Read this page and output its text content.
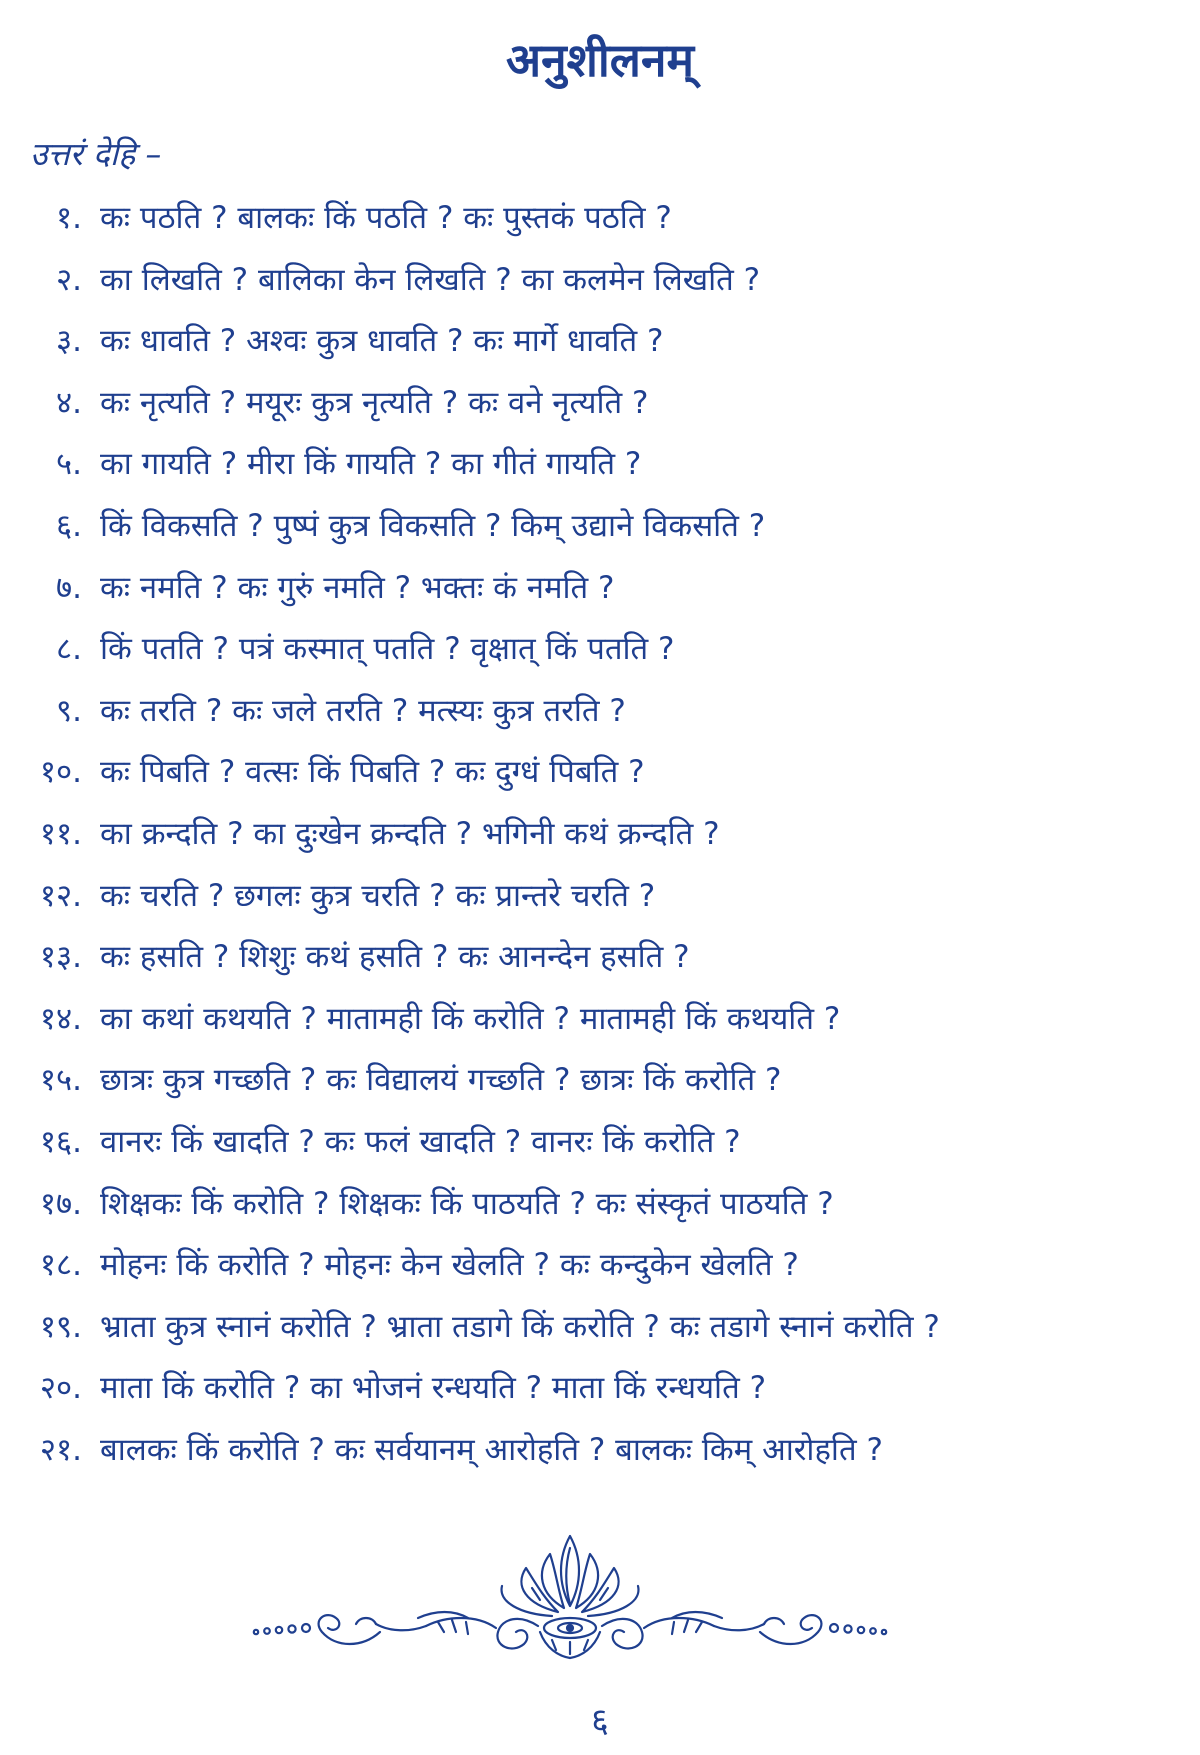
अनुशीलनम्
उत्तरं देहि –
१. कः पठति ? बालकः किं पठति ? कः पुस्तकं पठति ?
२. का लिखति ? बालिका केन लिखति ? का कलमेन लिखति ?
३. कः धावति ? अश्वः कुत्र धावति ? कः मार्गे धावति ?
४. कः नृत्यति ? मयूरः कुत्र नृत्यति ? कः वने नृत्यति ?
५. का गायति ? मीरा किं गायति ? का गीतं गायति ?
६. किं विकसति ? पुष्पं कुत्र विकसति ? किम् उद्याने विकसति ?
७. कः नमति ? कः गुरुं नमति ? भक्तः कं नमति ?
८. किं पतति ? पत्रं कस्मात् पतति ? वृक्षात् किं पतति ?
९. कः तरति ? कः जले तरति ? मत्स्यः कुत्र तरति ?
१०. कः पिबति ? वत्सः किं पिबति ? कः दुग्धं पिबति ?
११. का क्रन्दति ? का दुःखेन क्रन्दति ? भगिनी कथं क्रन्दति ?
१२. कः चरति ? छगलः कुत्र चरति ? कः प्रान्तरे चरति ?
१३. कः हसति ? शिशुः कथं हसति ? कः आनन्देन हसति ?
१४. का कथां कथयति ? मातामही किं करोति ? मातामही किं कथयति ?
१५. छात्रः कुत्र गच्छति ? कः विद्यालयं गच्छति ? छात्रः किं करोति ?
१६. वानरः किं खादति ? कः फलं खादति ? वानरः किं करोति ?
१७. शिक्षकः किं करोति ? शिक्षकः किं पाठयति ? कः संस्कृतं पाठयति ?
१८. मोहनः किं करोति ? मोहनः केन खेलति ? कः कन्दुकेन खेलति ?
१९. भ्राता कुत्र स्नानं करोति ? भ्राता तडागे किं करोति ? कः तडागे स्नानं करोति ?
२०. माता किं करोति ? का भोजनं रन्धयति ? माता किं रन्धयति ?
२१. बालकः किं करोति ? कः सर्वयानम् आरोहति ? बालकः किम् आरोहति ?
६
